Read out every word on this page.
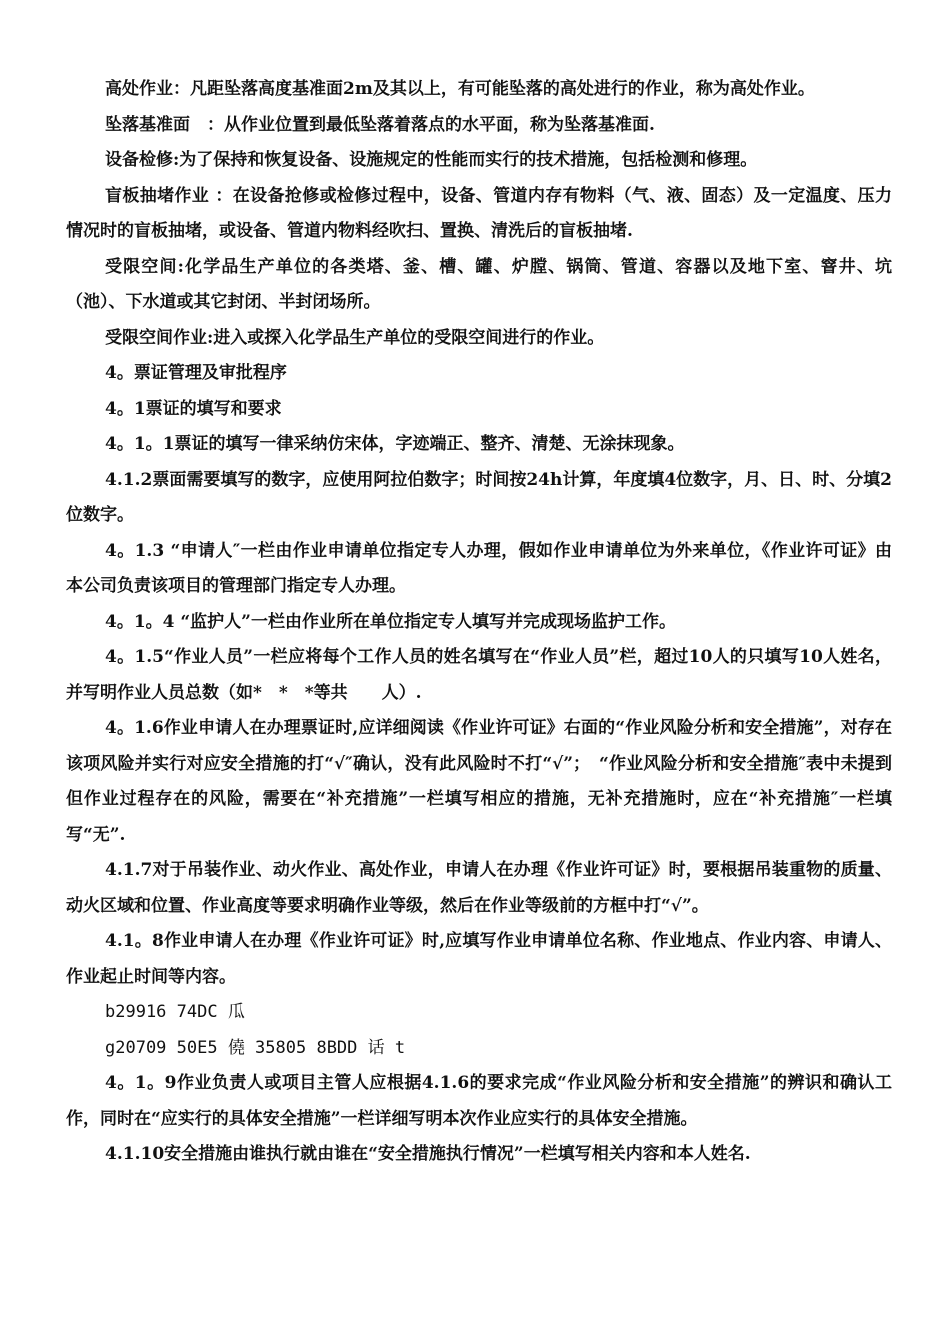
高处作业：凡距坠落高度基准面2m及其以上，有可能坠落的高处进行的作业，称为高处作业。

坠落基准面　：从作业位置到最低坠落着落点的水平面，称为坠落基准面.

设备检修:为了保持和恢复设备、设施规定的性能而实行的技术措施，包括检测和修理。

盲板抽堵作业 ：在设备抢修或检修过程中，设备、管道内存有物料（气、液、固态）及一定温度、压力情况时的盲板抽堵，或设备、管道内物料经吹扫、置换、清洗后的盲板抽堵.

受限空间:化学品生产单位的各类塔、釜、槽、罐、炉膛、锅筒、管道、容器以及地下室、窨井、坑（池）、下水道或其它封闭、半封闭场所。

受限空间作业:进入或探入化学品生产单位的受限空间进行的作业。

4。票证管理及审批程序

4。1票证的填写和要求

4。1。1票证的填写一律采纳仿宋体，字迹端正、整齐、清楚、无涂抹现象。

4.1.2票面需要填写的数字，应使用阿拉伯数字；时间按24h计算，年度填4位数字，月、日、时、分填2位数字。

4。1.3 “申请人″一栏由作业申请单位指定专人办理，假如作业申请单位为外来单位，《作业许可证》由本公司负责该项目的管理部门指定专人办理。

4。1。4 “监护人”一栏由作业所在单位指定专人填写并完成现场监护工作。

4。1.5“作业人员”一栏应将每个工作人员的姓名填写在“作业人员”栏，超过10人的只填写10人姓名，并写明作业人员总数（如*　*　*等共　　人）.

4。1.6作业申请人在办理票证时,应详细阅读《作业许可证》右面的“作业风险分析和安全措施”，对存在该项风险并实行对应安全措施的打“√″确认，没有此风险时不打“√”；　“作业风险分析和安全措施″表中未提到但作业过程存在的风险，需要在“补充措施”一栏填写相应的措施，无补充措施时，应在“补充措施″一栏填写“无”.

4.1.7对于吊装作业、动火作业、高处作业，申请人在办理《作业许可证》时，要根据吊装重物的质量、动火区域和位置、作业高度等要求明确作业等级，然后在作业等级前的方框中打“√”。

4.1。8作业申请人在办理《作业许可证》时,应填写作业申请单位名称、作业地点、作业内容、申请人、作业起止时间等内容。

b29916 74DC 瓜

g20709 50E5 僥 35805 8BDD 话 t

4。1。9作业负责人或项目主管人应根据4.1.6的要求完成“作业风险分析和安全措施”的辨识和确认工作，同时在“应实行的具体安全措施”一栏详细写明本次作业应实行的具体安全措施。

4.1.10安全措施由谁执行就由谁在“安全措施执行情况”一栏填写相关内容和本人姓名.
